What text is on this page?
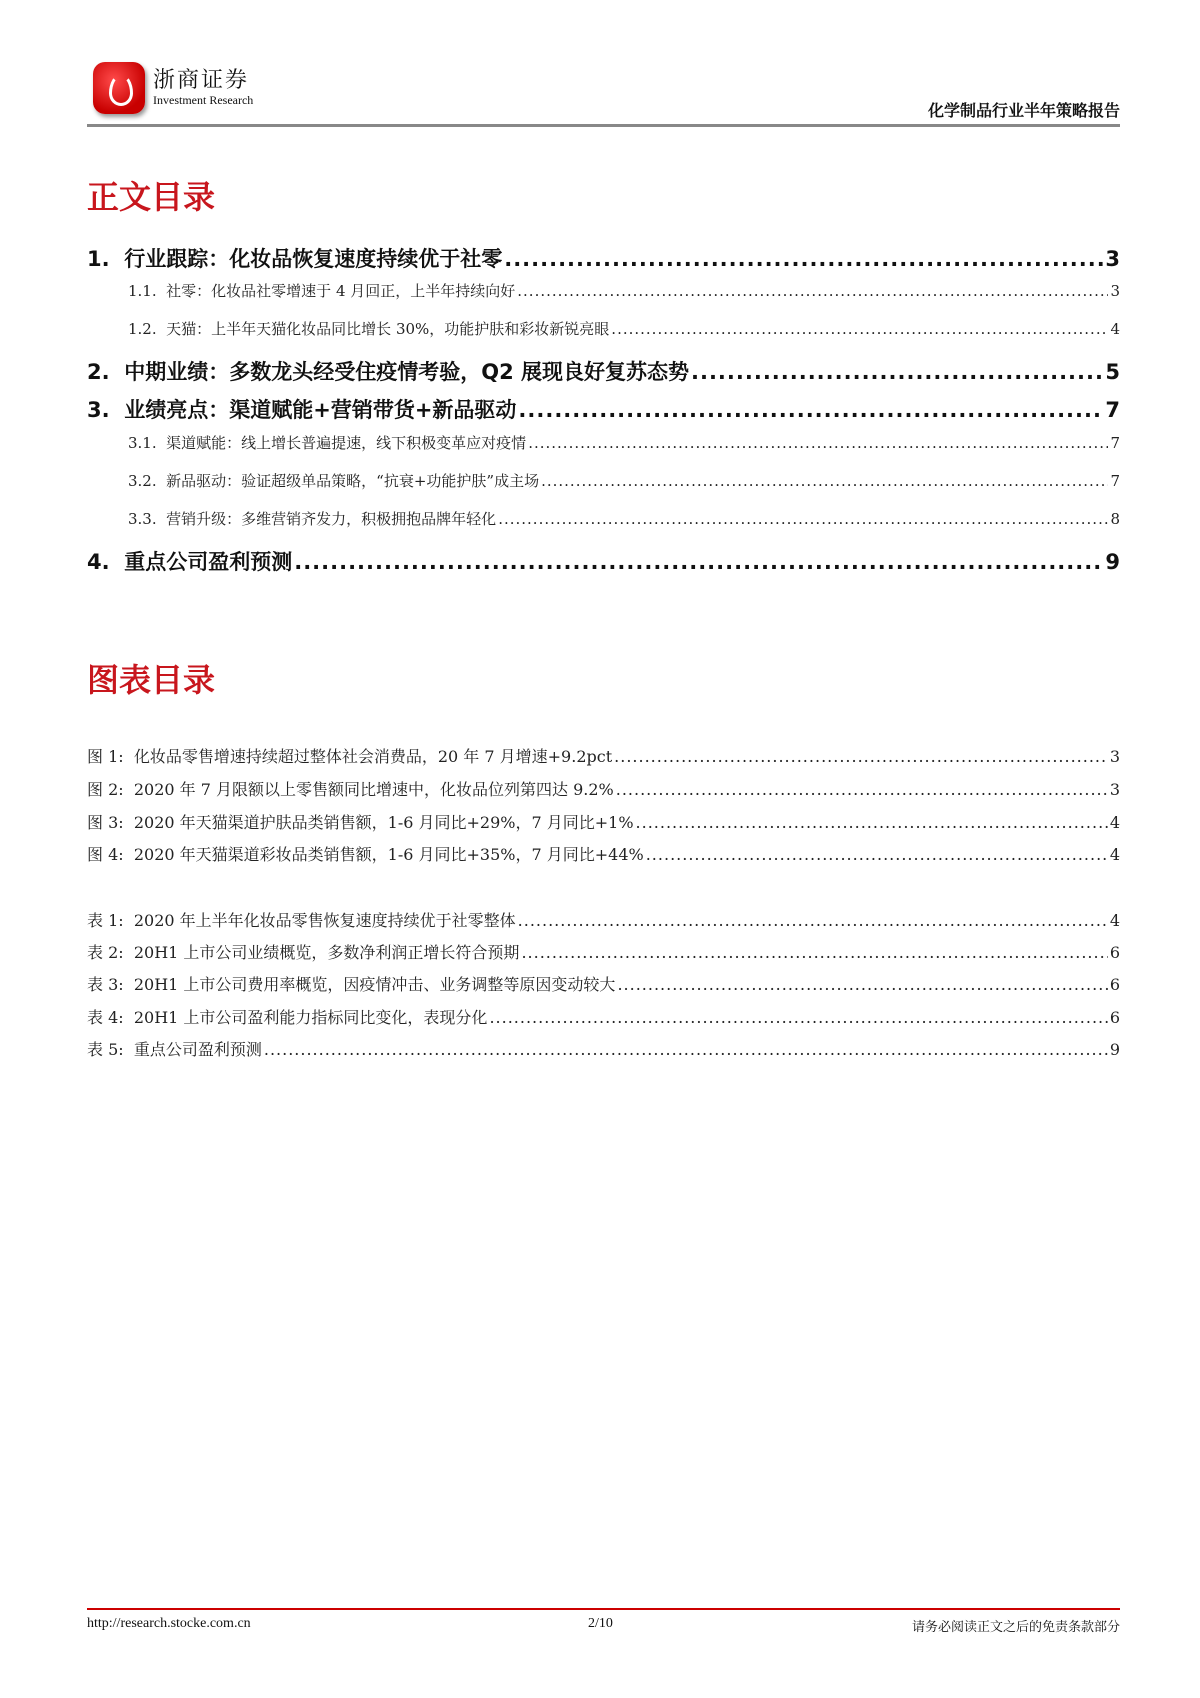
浙商证券
Investment Research
化学制品行业半年策略报告
正文目录
1. 行业跟踪：化妆品恢复速度持续优于社零 .....	3
1.1. 社零：化妆品社零增速于 4 月回正，上半年持续向好 .....	3
1.2. 天猫：上半年天猫化妆品同比增长 30%，功能护肤和彩妆新锐亮眼 .....	4
2. 中期业绩：多数龙头经受住疫情考验，Q2 展现良好复苏态势 .....	5
3. 业绩亮点：渠道赋能+营销带货+新品驱动 .....	7
3.1. 渠道赋能：线上增长普遍提速，线下积极变革应对疫情 .....	7
3.2. 新品驱动：验证超级单品策略，“抗衰+功能护肤”成主场 .....	7
3.3. 营销升级：多维营销齐发力，积极拥抱品牌年轻化 .....	8
4. 重点公司盈利预测 .....	9
图表目录
图 1: 化妆品零售增速持续超过整体社会消费品，20 年 7 月增速+9.2pct .....	3
图 2: 2020 年 7 月限额以上零售额同比增速中，化妆品位列第四达 9.2% .....	3
图 3: 2020 年天猫渠道护肤品类销售额，1-6 月同比+29%，7 月同比+1% .....	4
图 4: 2020 年天猫渠道彩妆品类销售额，1-6 月同比+35%，7 月同比+44% .....	4
表 1: 2020 年上半年化妆品零售恢复速度持续优于社零整体 .....	4
表 2: 20H1 上市公司业绩概览，多数净利润正增长符合预期 .....	6
表 3: 20H1 上市公司费用率概览，因疫情冲击、业务调整等原因变动较大 .....	6
表 4: 20H1 上市公司盈利能力指标同比变化，表现分化 .....	6
表 5: 重点公司盈利预测 .....	9
http://research.stocke.com.cn	2/10	请务必阅读正文之后的免责条款部分
